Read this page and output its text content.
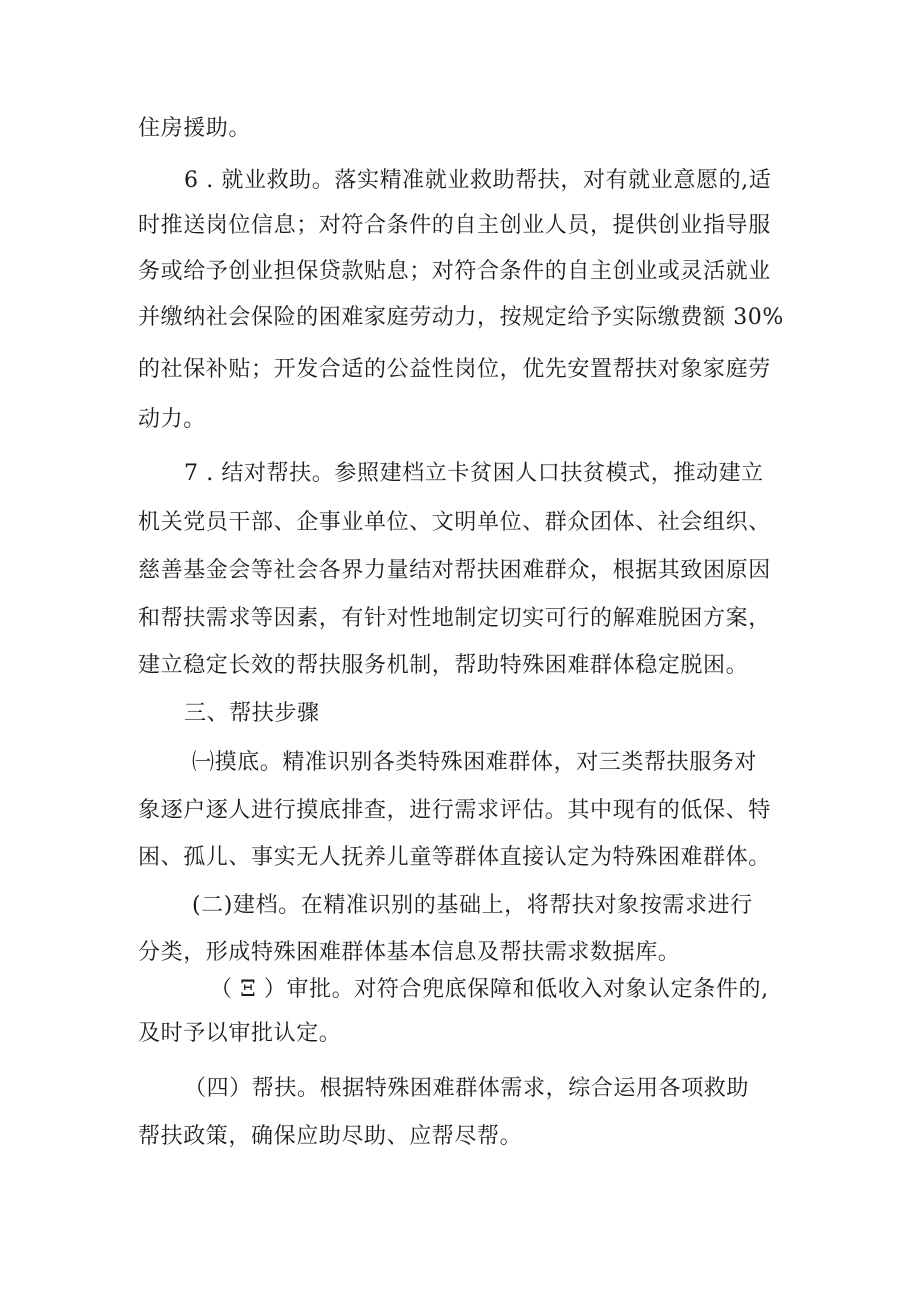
住房援助。

6 . 就业救助。落实精准就业救助帮扶，对有就业意愿的,适

时推送岗位信息；对符合条件的自主创业人员，提供创业指导服

务或给予创业担保贷款贴息；对符合条件的自主创业或灵活就业

并缴纳社会保险的困难家庭劳动力，按规定给予实际缴费额 30%

的社保补贴；开发合适的公益性岗位，优先安置帮扶对象家庭劳

动力。

7 . 结对帮扶。参照建档立卡贫困人口扶贫模式，推动建立

机关党员干部、企事业单位、文明单位、群众团体、社会组织、

慈善基金会等社会各界力量结对帮扶困难群众，根据其致困原因

和帮扶需求等因素，有针对性地制定切实可行的解难脱困方案，

建立稳定长效的帮扶服务机制，帮助特殊困难群体稳定脱困。

三、帮扶步骤

㈠摸底。精准识别各类特殊困难群体，对三类帮扶服务对

象逐户逐人进行摸底排查，进行需求评估。其中现有的低保、特

困、孤儿、事实无人抚养儿童等群体直接认定为特殊困难群体。

(二)建档。在精准识别的基础上，将帮扶对象按需求进行

分类，形成特殊困难群体基本信息及帮扶需求数据库。

（ Ξ ）审批。对符合兜底保障和低收入对象认定条件的,

及时予以审批认定。

（四）帮扶。根据特殊困难群体需求，综合运用各项救助

帮扶政策，确保应助尽助、应帮尽帮。
